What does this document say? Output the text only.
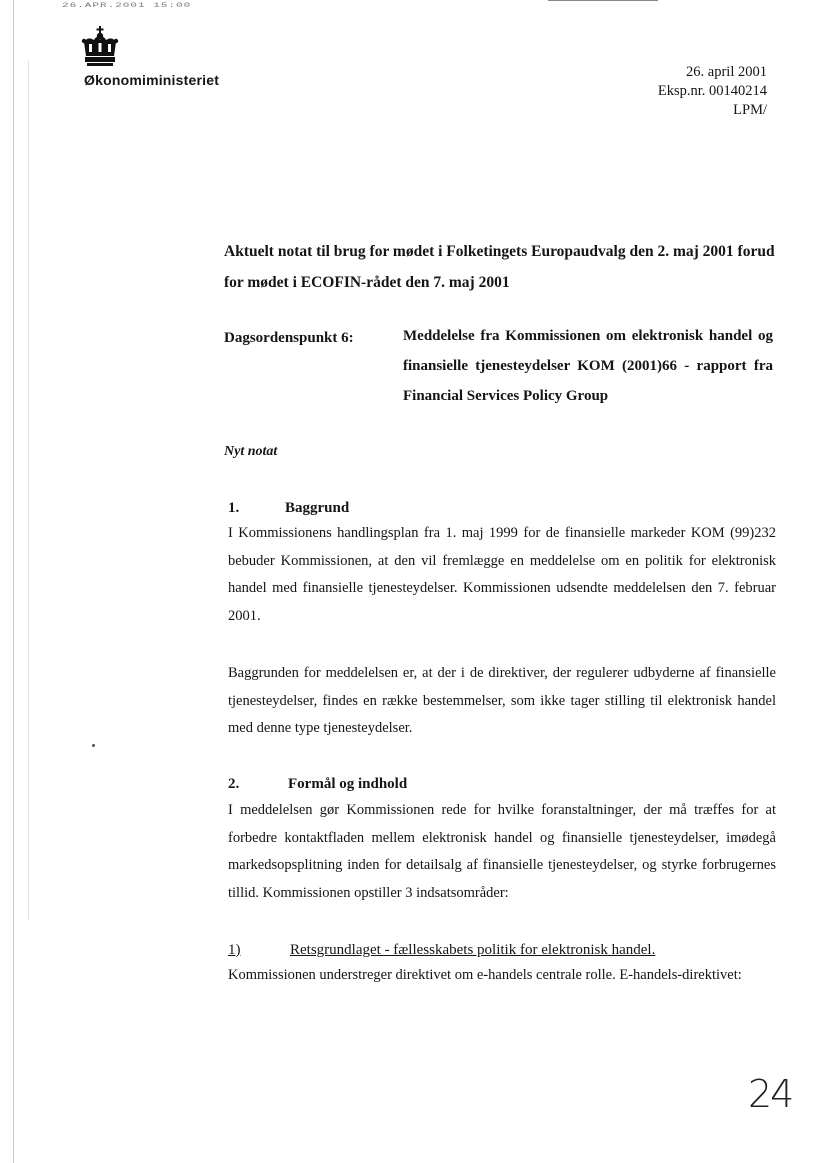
26.APR.2001 15:00
Økonomiministeriet	26. april 2001
Eksp.nr. 00140214
LPM/
Aktuelt notat til brug for mødet i Folketingets Europaudvalg den 2. maj 2001 forud for mødet i ECOFIN-rådet den 7. maj 2001
Dagsordenspunkt 6:	Meddelelse fra Kommissionen om elektronisk handel og finansielle tjenesteydelser KOM (2001)66 - rapport fra Financial Services Policy Group
Nyt notat
1.	Baggrund
I Kommissionens handlingsplan fra 1. maj 1999 for de finansielle markeder KOM (99)232 bebuder Kommissionen, at den vil fremlægge en meddelelse om en politik for elektronisk handel med finansielle tjenesteydelser. Kommissionen udsendte meddelelsen den 7. februar 2001.
Baggrunden for meddelelsen er, at der i de direktiver, der regulerer udbyderne af finansielle tjenesteydelser, findes en række bestemmelser, som ikke tager stilling til elektronisk handel med denne type tjenesteydelser.
2.	Formål og indhold
I meddelelsen gør Kommissionen rede for hvilke foranstaltninger, der må træffes for at forbedre kontaktfladen mellem elektronisk handel og finansielle tjenesteydelser, imødegå markedsopsplitning inden for detailsalg af finansielle tjenesteydelser, og styrke forbrugernes tillid. Kommissionen opstiller 3 indsatsområder:
1)	Retsgrundlaget - fællesskabets politik for elektronisk handel.
Kommissionen understreger direktivet om e-handels centrale rolle. E-handels-direktivet:
24
